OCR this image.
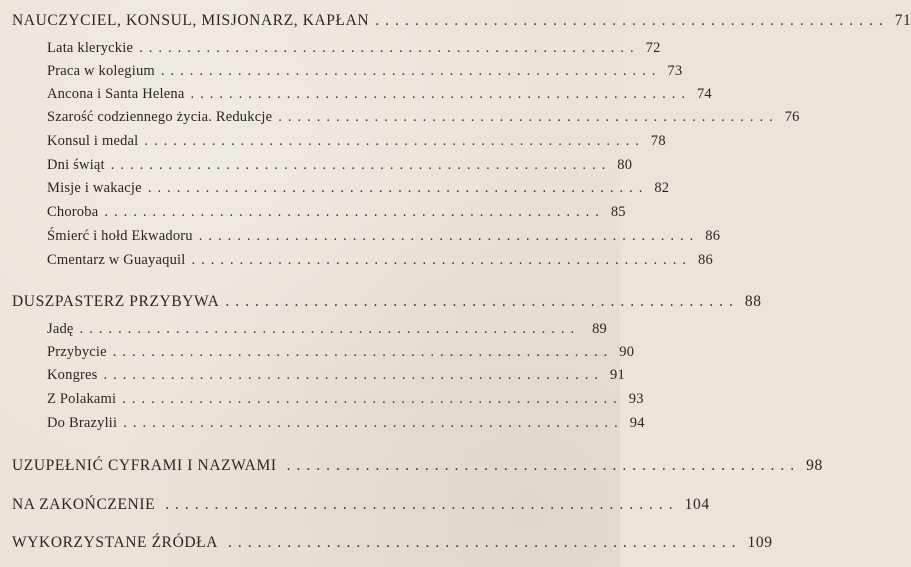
NAUCZYCIEL, KONSUL, MISJONARZ, KAPŁAN .................................................... 71
Lata kleryckie .................................................... 72
Praca w kolegium .................................................... 73
Ancona i Santa Helena .................................................... 74
Szarość codziennego życia. Redukcje .................................................... 76
Konsul i medal .................................................... 78
Dni świąt .................................................... 80
Misje i wakacje .................................................... 82
Choroba .................................................... 85
Śmierć i hołd Ekwadoru .................................................... 86
Cmentarz w Guayaquil .................................................... 86
DUSZPASTERZ PRZYBYWA .................................................... 88
Jadę .................................................... 89
Przybycie .................................................... 90
Kongres .................................................... 91
Z Polakami .................................................... 93
Do Brazylii .................................................... 94
UZUPEŁNIĆ CYFRAMI I NAZWAMI .................................................... 98
NA ZAKOŃCZENIE .................................................... 104
WYKORZYSTANE ŹRÓDŁA .................................................... 109
